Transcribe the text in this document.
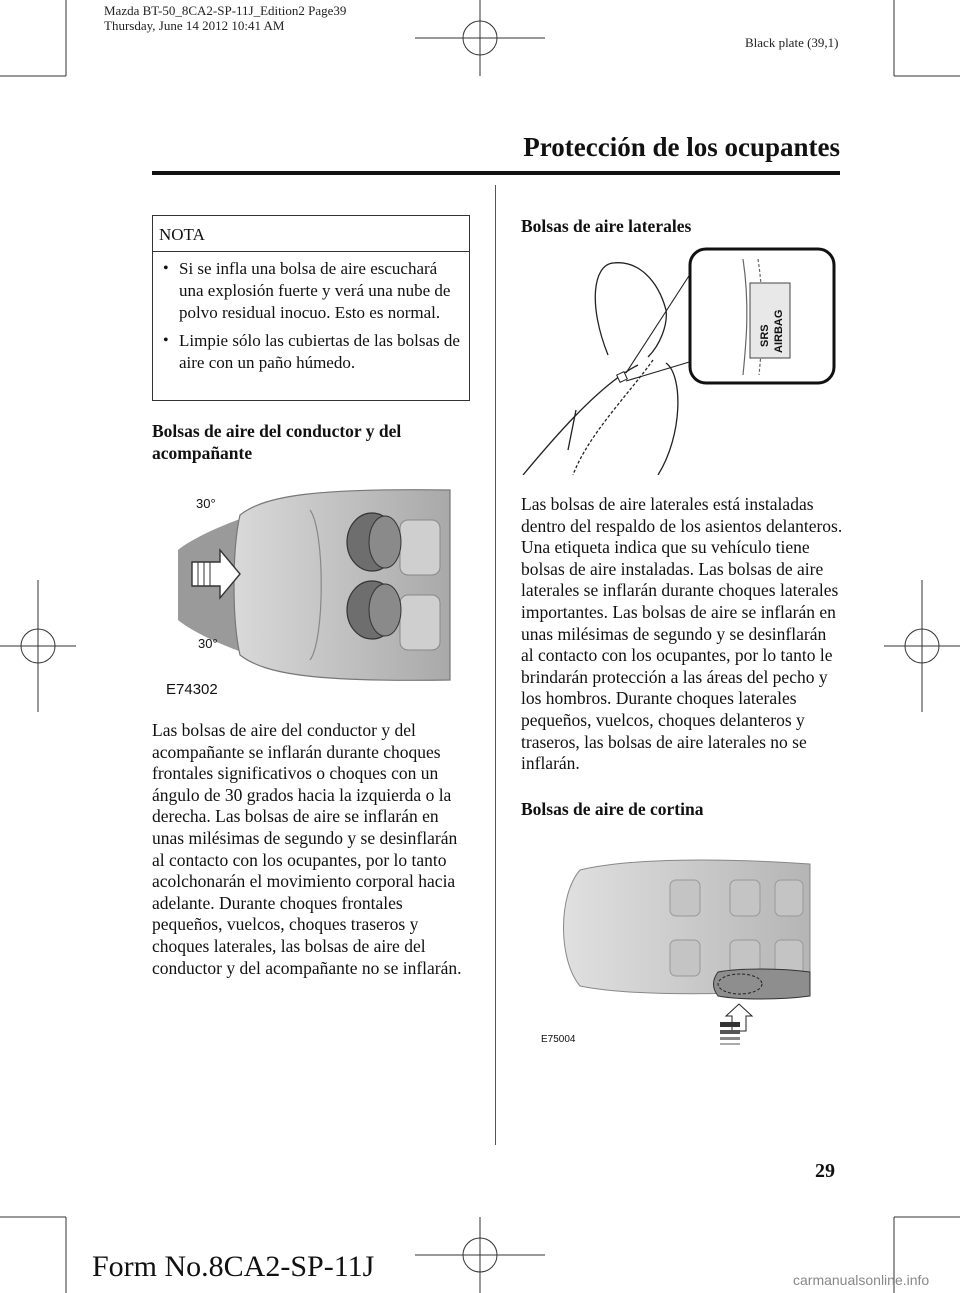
Mazda BT-50_8CA2-SP-11J_Edition2 Page39
Thursday, June 14 2012 10:41 AM
Black plate (39,1)
Protección de los ocupantes
NOTA
• Si se infla una bolsa de aire escuchará una explosión fuerte y verá una nube de polvo residual inocuo. Esto es normal.
• Limpie sólo las cubiertas de las bolsas de aire con un paño húmedo.
Bolsas de aire del conductor y del acompañante
30°
30°
E74302
Las bolsas de aire del conductor y del acompañante se inflarán durante choques frontales significativos o choques con un ángulo de 30 grados hacia la izquierda o la derecha. Las bolsas de aire se inflarán en unas milésimas de segundo y se desinflarán al contacto con los ocupantes, por lo tanto acolchonarán el movimiento corporal hacia adelante. Durante choques frontales pequeños, vuelcos, choques traseros y choques laterales, las bolsas de aire del conductor y del acompañante no se inflarán.
Bolsas de aire laterales
SRS AIRBAG
Las bolsas de aire laterales está instaladas dentro del respaldo de los asientos delanteros. Una etiqueta indica que su vehículo tiene bolsas de aire instaladas. Las bolsas de aire laterales se inflarán durante choques laterales importantes. Las bolsas de aire se inflarán en unas milésimas de segundo y se desinflarán al contacto con los ocupantes, por lo tanto le brindarán protección a las áreas del pecho y los hombros. Durante choques laterales pequeños, vuelcos, choques delanteros y traseros, las bolsas de aire laterales no se inflarán.
Bolsas de aire de cortina
E75004
29
Form No.8CA2-SP-11J	carmanualsonline.info
